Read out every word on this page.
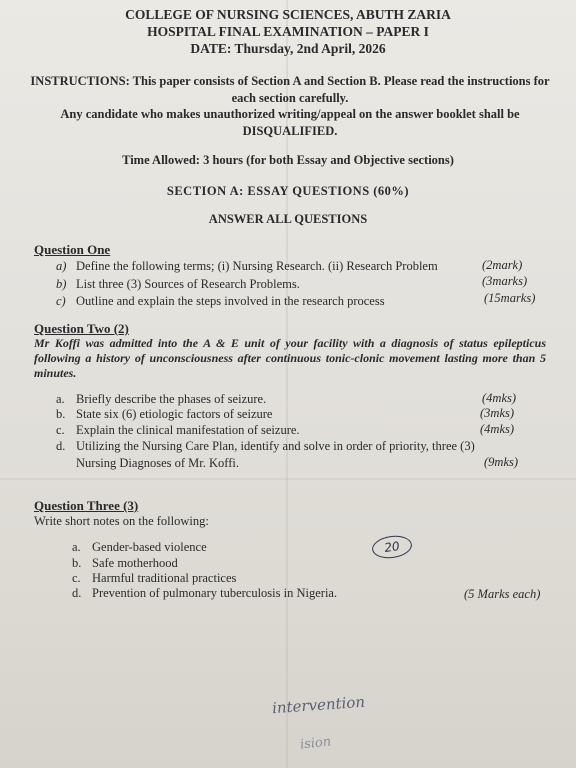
COLLEGE OF NURSING SCIENCES, ABUTH ZARIA
HOSPITAL FINAL EXAMINATION – PAPER I
DATE: Thursday, 2nd April, 2026
INSTRUCTIONS: This paper consists of Section A and Section B. Please read the instructions for each section carefully.
Any candidate who makes unauthorized writing/appeal on the answer booklet shall be DISQUALIFIED.
Time Allowed: 3 hours (for both Essay and Objective sections)
SECTION A: ESSAY QUESTIONS (60%)
ANSWER ALL QUESTIONS
Question One
a) Define the following terms; (i) Nursing Research. (ii) Research Problem	(2mark)
b) List three (3) Sources of Research Problems.	(3marks)
c) Outline and explain the steps involved in the research process	(15marks)
Question Two (2)
Mr Koffi was admitted into the A & E unit of your facility with a diagnosis of status epilepticus following a history of unconsciousness after continuous tonic-clonic movement lasting more than 5 minutes.
a. Briefly describe the phases of seizure.	(4mks)
b. State six (6) etiologic factors of seizure	(3mks)
c. Explain the clinical manifestation of seizure.	(4mks)
d. Utilizing the Nursing Care Plan, identify and solve in order of priority, three (3)
Nursing Diagnoses of Mr. Koffi.	(9mks)
Question Three (3)
Write short notes on the following:
a. Gender-based violence
b. Safe motherhood
c. Harmful traditional practices
d. Prevention of pulmonary tuberculosis in Nigeria.	(5 Marks each)
20
intervention
ision
